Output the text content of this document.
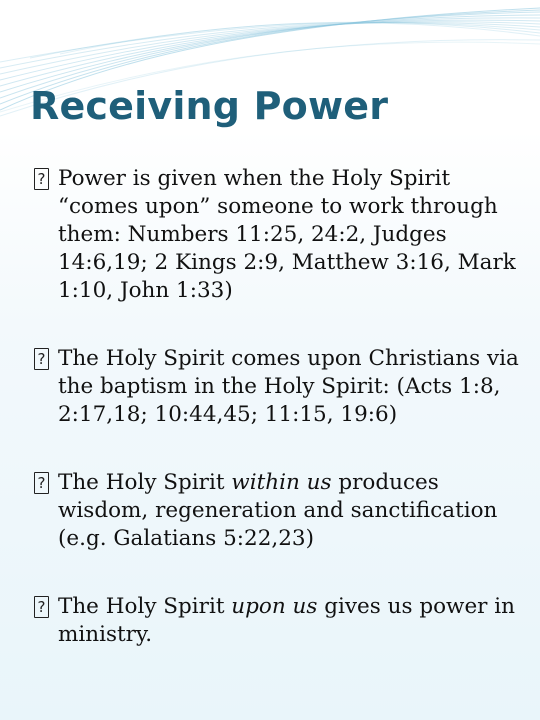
Receiving Power
? Power is given when the Holy Spirit “comes upon” someone to work through them: Numbers 11:25, 24:2, Judges 14:6,19; 2 Kings 2:9, Matthew 3:16, Mark 1:10, John 1:33)
? The Holy Spirit comes upon Christians via the baptism in the Holy Spirit: (Acts 1:8, 2:17,18; 10:44,45; 11:15, 19:6)
? The Holy Spirit within us produces wisdom, regeneration and sanctification (e.g. Galatians 5:22,23)
? The Holy Spirit upon us gives us power in ministry.
